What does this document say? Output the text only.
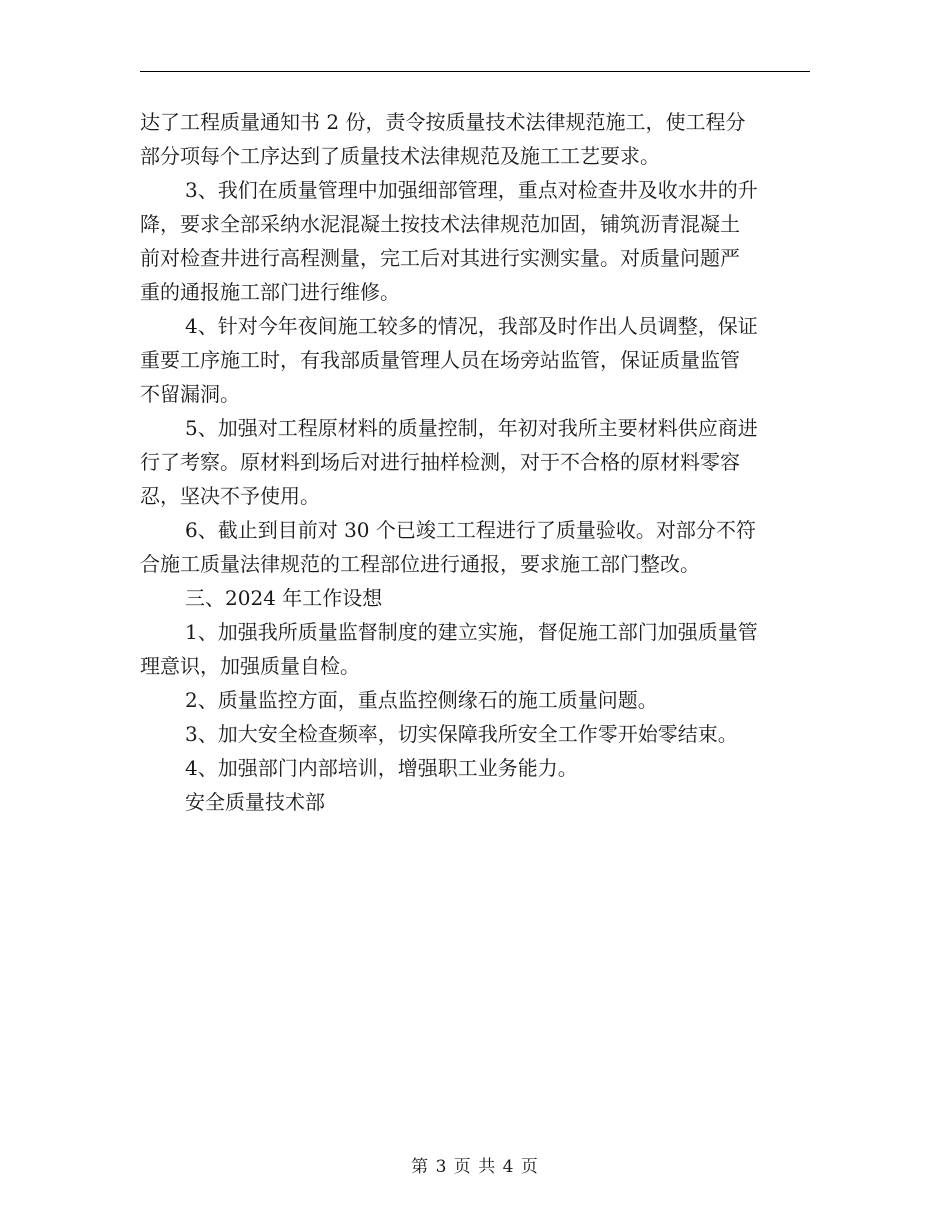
达了工程质量通知书 2 份，责令按质量技术法律规范施工，使工程分
部分项每个工序达到了质量技术法律规范及施工工艺要求。
3、我们在质量管理中加强细部管理，重点对检查井及收水井的升
降，要求全部采纳水泥混凝土按技术法律规范加固，铺筑沥青混凝土
前对检查井进行高程测量，完工后对其进行实测实量。对质量问题严
重的通报施工部门进行维修。
4、针对今年夜间施工较多的情况，我部及时作出人员调整，保证
重要工序施工时，有我部质量管理人员在场旁站监管，保证质量监管
不留漏洞。
5、加强对工程原材料的质量控制，年初对我所主要材料供应商进
行了考察。原材料到场后对进行抽样检测，对于不合格的原材料零容
忍，坚决不予使用。
6、截止到目前对 30 个已竣工工程进行了质量验收。对部分不符
合施工质量法律规范的工程部位进行通报，要求施工部门整改。
三、2024 年工作设想
1、加强我所质量监督制度的建立实施，督促施工部门加强质量管
理意识，加强质量自检。
2、质量监控方面，重点监控侧缘石的施工质量问题。
3、加大安全检查频率，切实保障我所安全工作零开始零结束。
4、加强部门内部培训，增强职工业务能力。
安全质量技术部
第 3 页 共 4 页
